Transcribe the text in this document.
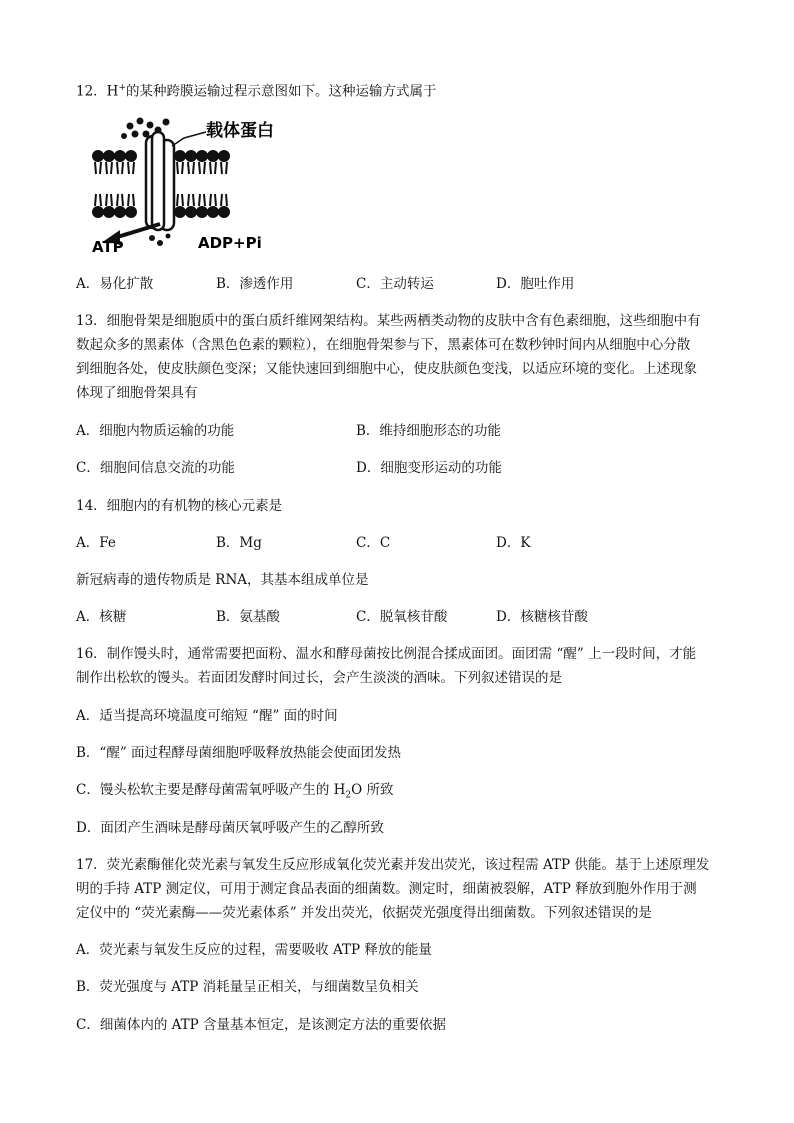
12．H+的某种跨膜运输过程示意图如下。这种运输方式属于
载体蛋白
ATP	ADP+Pi
A．易化扩散	B．渗透作用	C．主动转运	D．胞吐作用
13．细胞骨架是细胞质中的蛋白质纤维网架结构。某些两栖类动物的皮肤中含有色素细胞，这些细胞中有
数起众多的黑素体（含黑色色素的颗粒），在细胞骨架参与下，黑素体可在数秒钟时间内从细胞中心分散
到细胞各处，使皮肤颜色变深；又能快速回到细胞中心，使皮肤颜色变浅，以适应环境的变化。上述现象
体现了细胞骨架具有
A．细胞内物质运输的功能	B．维持细胞形态的功能
C．细胞间信息交流的功能	D．细胞变形运动的功能
14．细胞内的有机物的核心元素是
A．Fe	B．Mg	C．C	D．K
新冠病毒的遗传物质是 RNA，其基本组成单位是
A．核糖	B．氨基酸	C．脱氧核苷酸	D．核糖核苷酸
16．制作馒头时，通常需要把面粉、温水和酵母菌按比例混合揉成面团。面团需 “醒” 上一段时间，才能
制作出松软的馒头。若面团发酵时间过长，会产生淡淡的酒味。下列叙述错误的是
A．适当提高环境温度可缩短 “醒” 面的时间
B．“醒” 面过程酵母菌细胞呼吸释放热能会使面团发热
C．馒头松软主要是酵母菌需氧呼吸产生的 $H_2O$ 所致
D．面团产生酒味是酵母菌厌氧呼吸产生的乙醇所致
17．荧光素酶催化荧光素与氧发生反应形成氧化荧光素并发出荧光，该过程需 ATP 供能。基于上述原理发
明的手持 ATP 测定仪，可用于测定食品表面的细菌数。测定时，细菌被裂解，ATP 释放到胞外作用于测
定仪中的 “荧光素酶——荧光素体系” 并发出荧光，依据荧光强度得出细菌数。下列叙述错误的是
A．荧光素与氧发生反应的过程，需要吸收 ATP 释放的能量
B．荧光强度与 ATP 消耗量呈正相关，与细菌数呈负相关
C．细菌体内的 ATP 含量基本恒定，是该测定方法的重要依据
